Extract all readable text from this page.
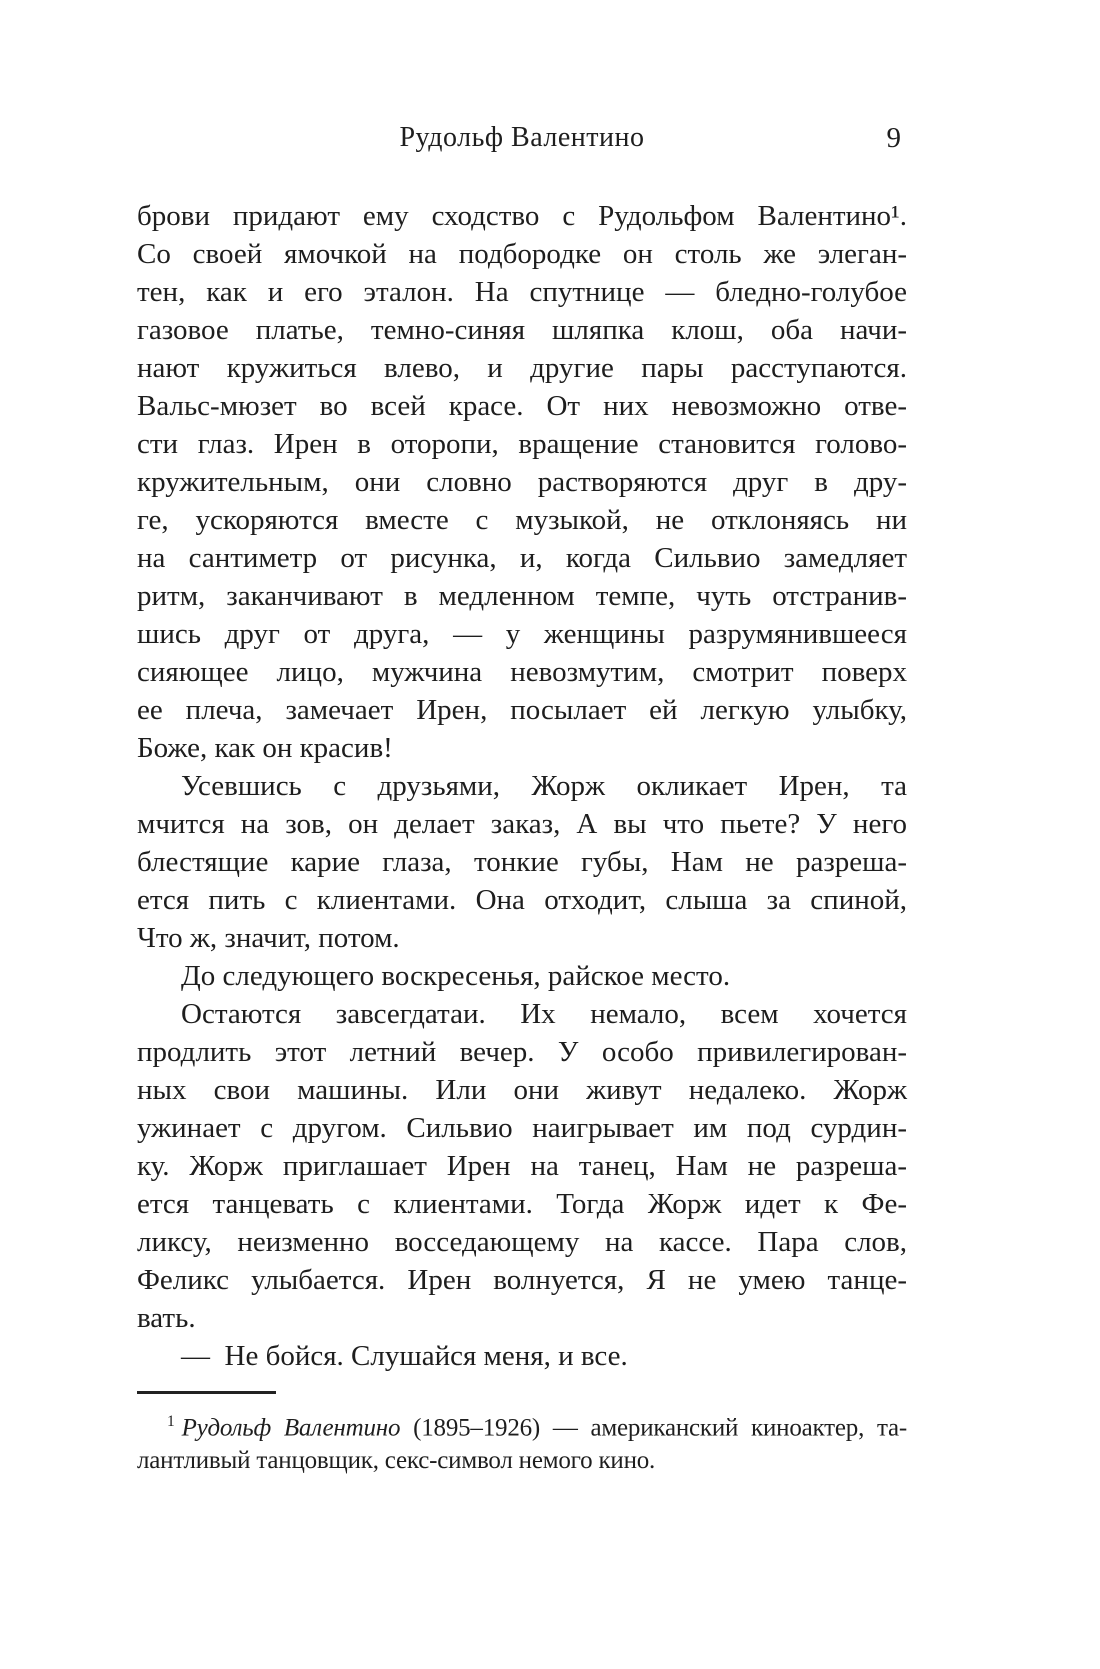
Рудольф Валентино	9
брови придают ему сходство с Рудольфом Валентино¹.
Со своей ямочкой на подбородке он столь же элеган-
тен, как и его эталон. На спутнице — бледно-голубое
газовое платье, темно-синяя шляпка клош, оба начи-
нают кружиться влево, и другие пары расступаются.
Вальс-мюзет во всей красе. От них невозможно отве-
сти глаз. Ирен в оторопи, вращение становится голово-
кружительным, они словно растворяются друг в дру-
ге, ускоряются вместе с музыкой, не отклоняясь ни
на сантиметр от рисунка, и, когда Сильвио замедляет
ритм, заканчивают в медленном темпе, чуть отстранив-
шись друг от друга, — у женщины разрумянившееся
сияющее лицо, мужчина невозмутим, смотрит поверх
ее плеча, замечает Ирен, посылает ей легкую улыбку,
Боже, как он красив!
Усевшись с друзьями, Жорж окликает Ирен, та
мчится на зов, он делает заказ, А вы что пьете? У него
блестящие карие глаза, тонкие губы, Нам не разреша-
ется пить с клиентами. Она отходит, слыша за спиной,
Что ж, значит, потом.
До следующего воскресенья, райское место.
Остаются завсегдатаи. Их немало, всем хочется
продлить этот летний вечер. У особо привилегирован-
ных свои машины. Или они живут недалеко. Жорж
ужинает с другом. Сильвио наигрывает им под сурдин-
ку. Жорж приглашает Ирен на танец, Нам не разреша-
ется танцевать с клиентами. Тогда Жорж идет к Фе-
ликсу, неизменно восседающему на кассе. Пара слов,
Феликс улыбается. Ирен волнуется, Я не умею танце-
вать.
— Не бойся. Слушайся меня, и все.
$^1$ Рудольф Валентино (1895–1926) — американский киноактер, та-
лантливый танцовщик, секс-символ немого кино.
